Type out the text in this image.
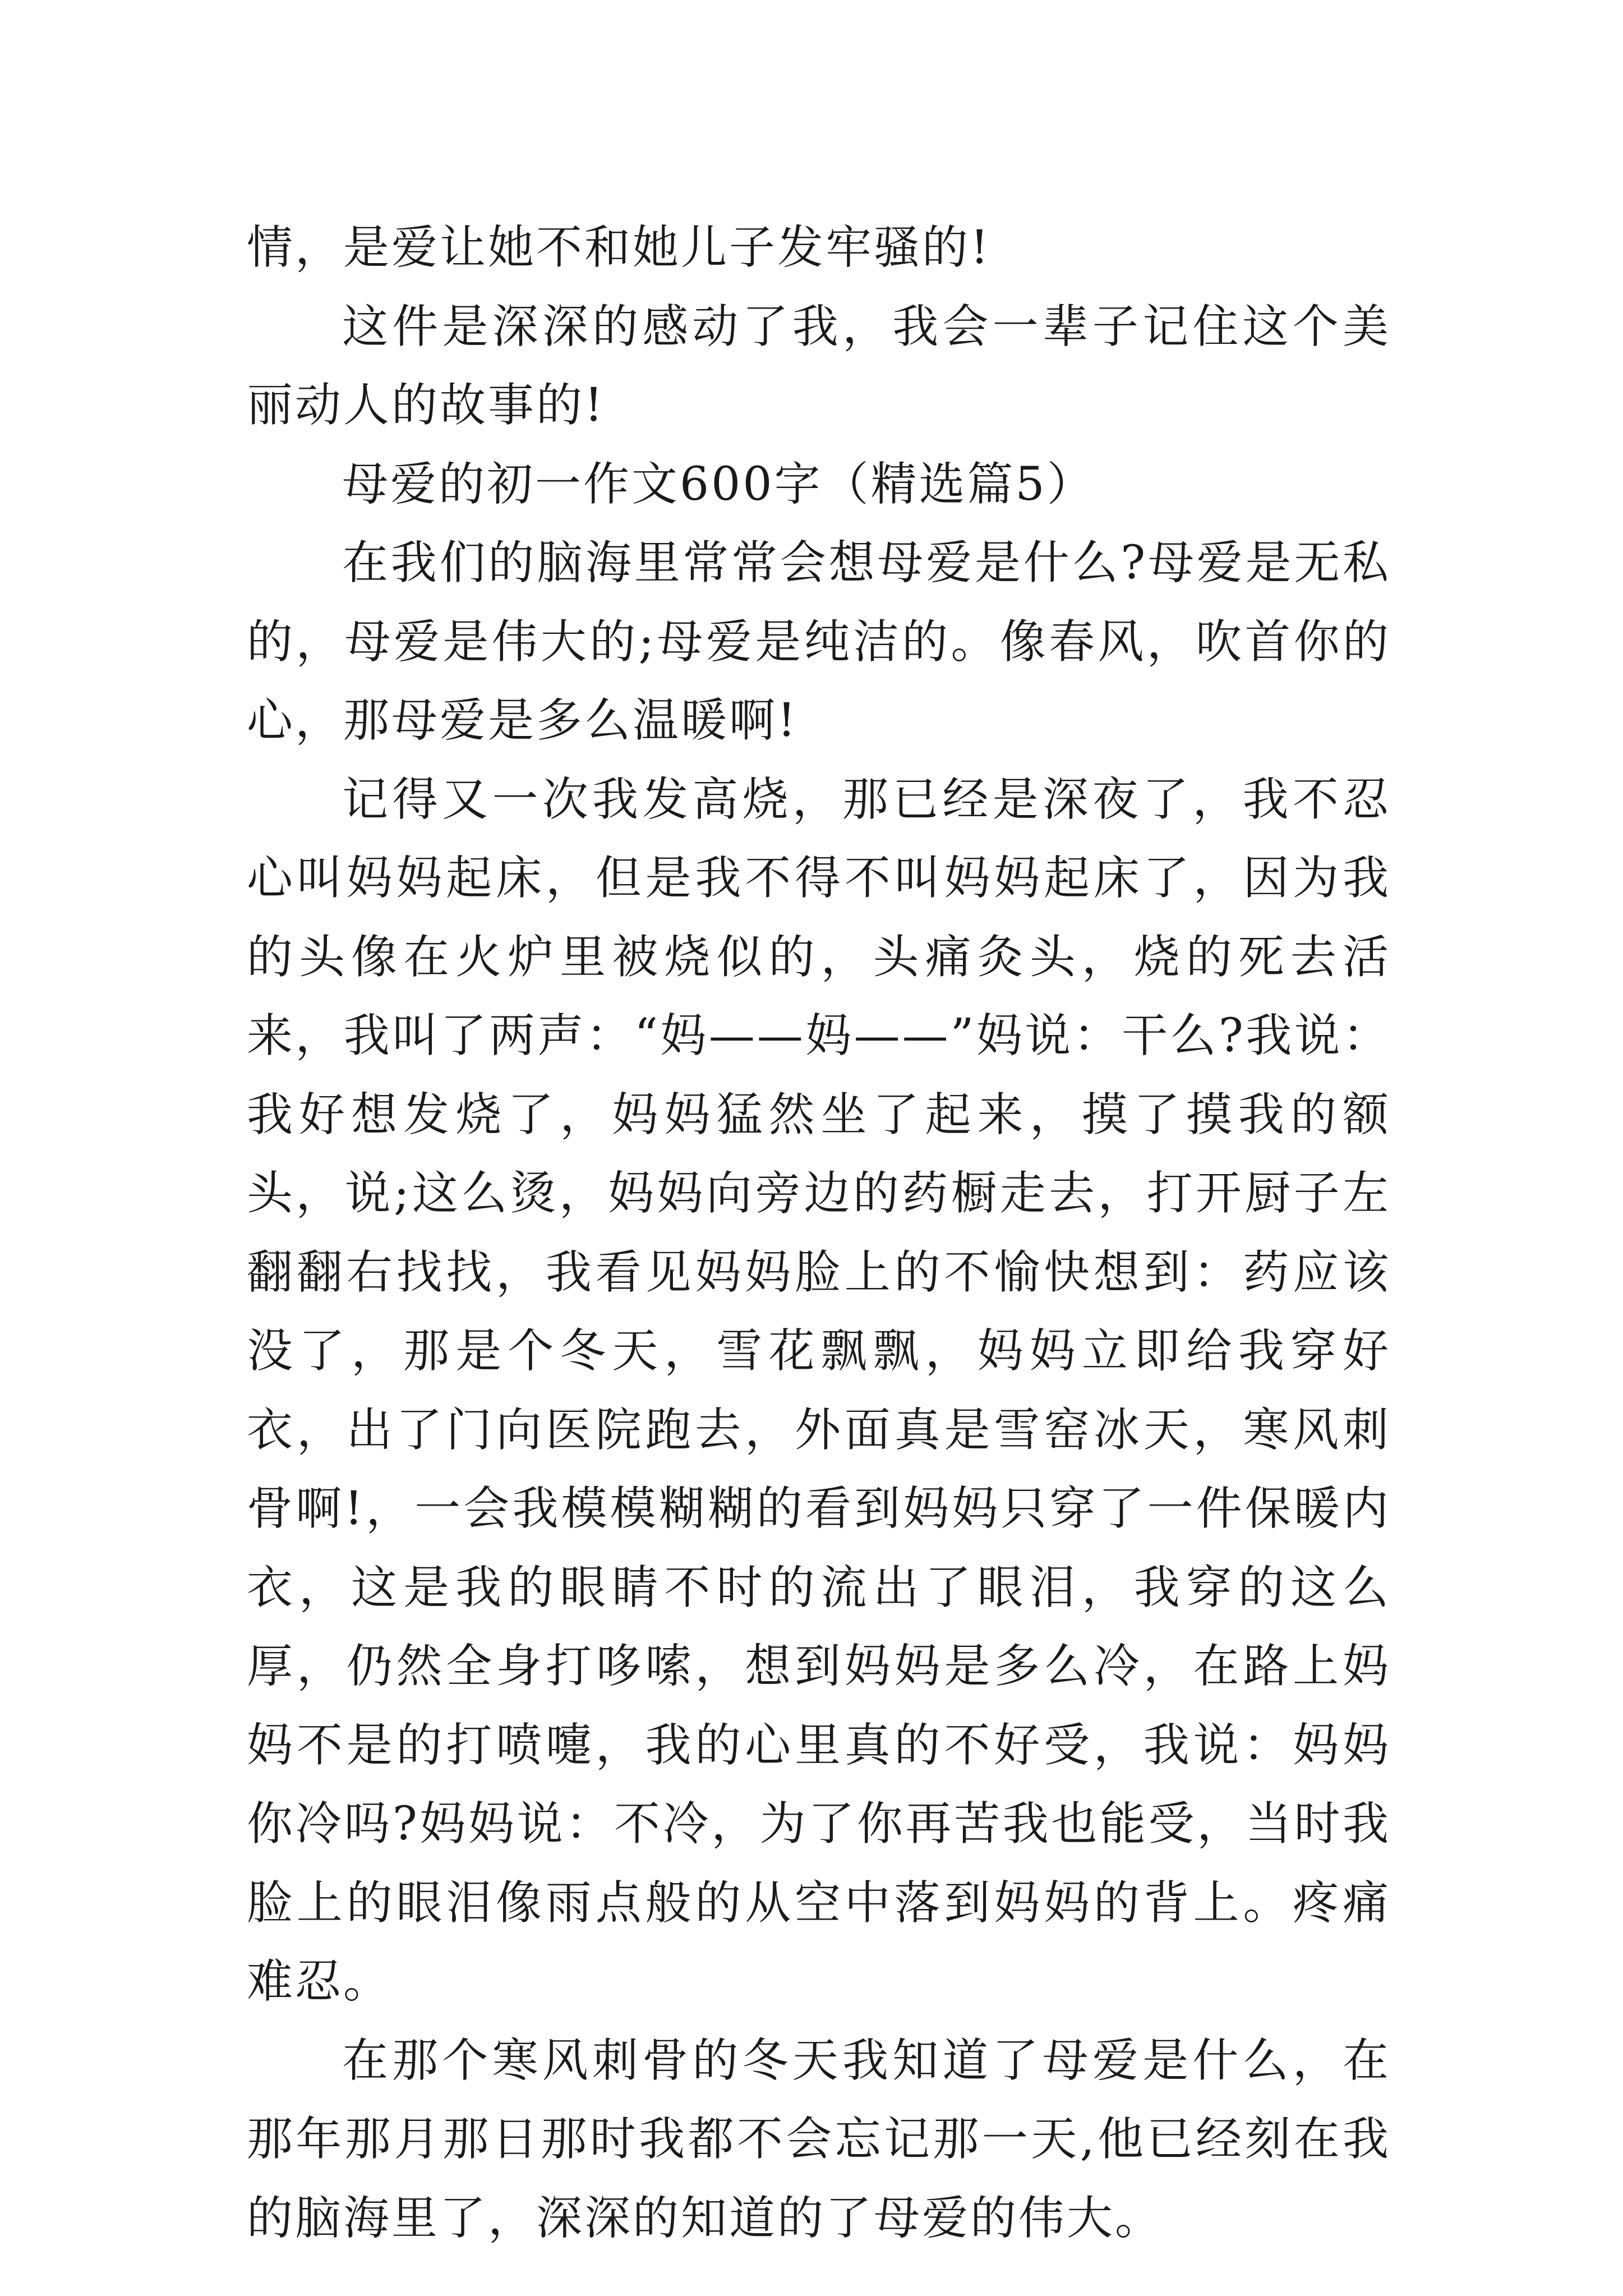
情，是爱让她不和她儿子发牢骚的!

这件是深深的感动了我，我会一辈子记住这个美丽动人的故事的!

母爱的初一作文600字（精选篇5）

在我们的脑海里常常会想母爱是什么?母爱是无私的，母爱是伟大的;母爱是纯洁的。像春风，吹首你的心，那母爱是多么温暖啊!

记得又一次我发高烧，那已经是深夜了，我不忍心叫妈妈起床，但是我不得不叫妈妈起床了，因为我的头像在火炉里被烧似的，头痛灸头，烧的死去活来，我叫了两声：“妈——妈——”妈说：干么?我说：我好想发烧了，妈妈猛然坐了起来，摸了摸我的额头，说;这么烫，妈妈向旁边的药橱走去，打开厨子左翻翻右找找，我看见妈妈脸上的不愉快想到：药应该没了，那是个冬天，雪花飘飘，妈妈立即给我穿好衣，出了门向医院跑去，外面真是雪窑冰天，寒风刺骨啊!，一会我模模糊糊的看到妈妈只穿了一件保暖内衣，这是我的眼睛不时的流出了眼泪，我穿的这么厚，仍然全身打哆嗦，想到妈妈是多么冷，在路上妈妈不是的打喷嚏，我的心里真的不好受，我说：妈妈你冷吗?妈妈说：不冷，为了你再苦我也能受，当时我脸上的眼泪像雨点般的从空中落到妈妈的背上。疼痛难忍。

在那个寒风刺骨的冬天我知道了母爱是什么，在那年那月那日那时我都不会忘记那一天,他已经刻在我的脑海里了，深深的知道的了母爱的伟大。
